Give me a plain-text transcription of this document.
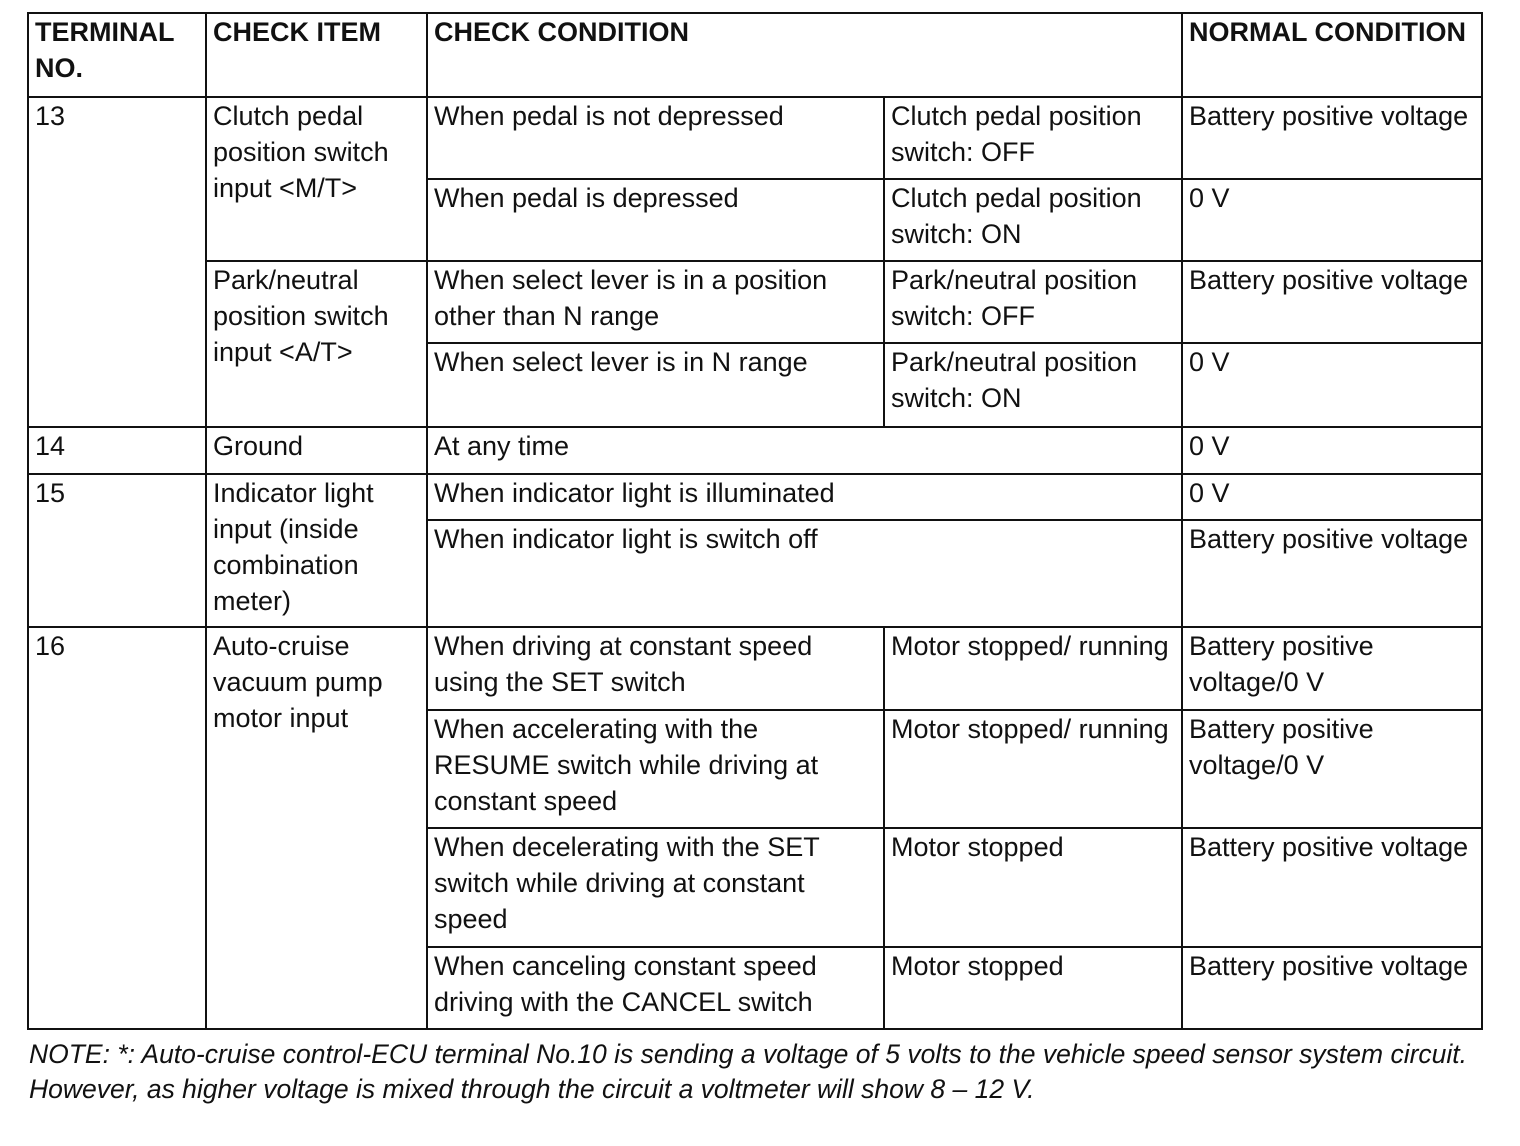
TERMINAL NO.	CHECK ITEM	CHECK CONDITION		NORMAL CONDITION
13	Clutch pedal position switch input <M/T>	When pedal is not depressed	Clutch pedal position switch: OFF	Battery positive voltage
		When pedal is depressed	Clutch pedal position switch: ON	0 V
	Park/neutral position switch input <A/T>	When select lever is in a position other than N range	Park/neutral position switch: OFF	Battery positive voltage
		When select lever is in N range	Park/neutral position switch: ON	0 V
14	Ground	At any time		0 V
15	Indicator light input (inside combination meter)	When indicator light is illuminated		0 V
		When indicator light is switch off		Battery positive voltage
16	Auto-cruise vacuum pump motor input	When driving at constant speed using the SET switch	Motor stopped/ running	Battery positive voltage/0 V
		When accelerating with the RESUME switch while driving at constant speed	Motor stopped/ running	Battery positive voltage/0 V
		When decelerating with the SET switch while driving at constant speed	Motor stopped	Battery positive voltage
		When canceling constant speed driving with the CANCEL switch	Motor stopped	Battery positive voltage
NOTE: *: Auto-cruise control-ECU terminal No.10 is sending a voltage of 5 volts to the vehicle speed sensor system circuit. However, as higher voltage is mixed through the circuit a voltmeter will show 8 – 12 V.
